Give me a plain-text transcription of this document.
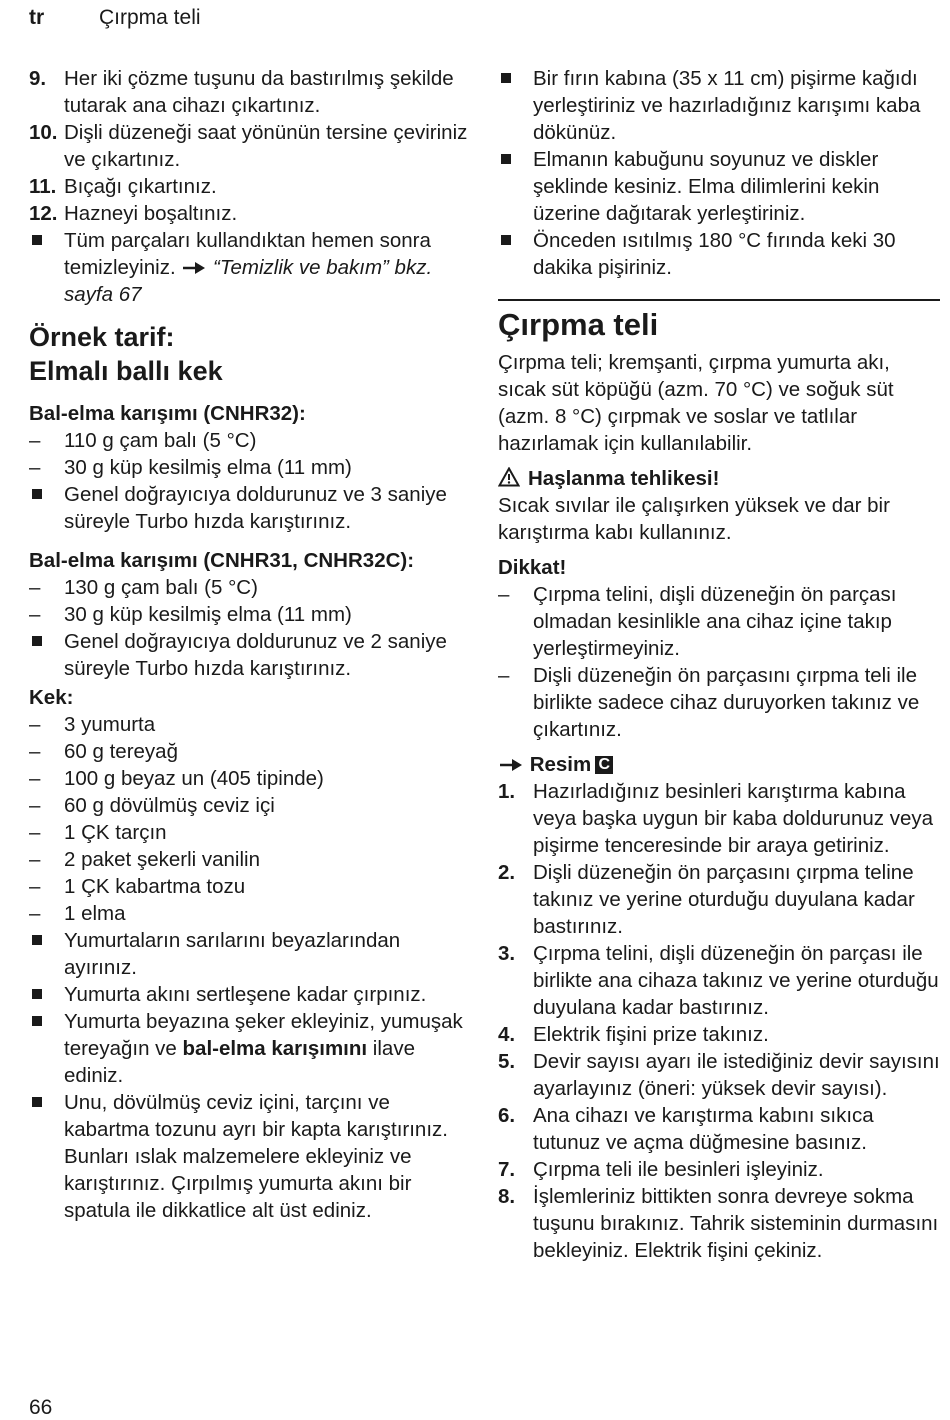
tr	Çırpma teli
9. Her iki çözme tuşunu da bastırılmış şekilde tutarak ana cihazı çıkartınız.
10. Dişli düzeneği saat yönünün tersine çeviriniz ve çıkartınız.
11. Bıçağı çıkartınız.
12. Hazneyi boşaltınız.
Tüm parçaları kullandıktan hemen sonra temizleyiniz. “Temizlik ve bakım” bkz. sayfa 67
Örnek tarif:
Elmalı ballı kek
Bal-elma karışımı (CNHR32):
–	110 g çam balı (5 °C)
–	30 g küp kesilmiş elma (11 mm)
Genel doğrayıcıya doldurunuz ve 3 saniye süreyle Turbo hızda karıştırınız.
Bal-elma karışımı (CNHR31, CNHR32C):
–	130 g çam balı (5 °C)
–	30 g küp kesilmiş elma (11 mm)
Genel doğrayıcıya doldurunuz ve 2 saniye süreyle Turbo hızda karıştırınız.
Kek:
–	3 yumurta
–	60 g tereyağ
–	100 g beyaz un (405 tipinde)
–	60 g dövülmüş ceviz içi
–	1 ÇK tarçın
–	2 paket şekerli vanilin
–	1 ÇK kabartma tozu
–	1 elma
Yumurtaların sarılarını beyazlarından ayırınız.
Yumurta akını sertleşene kadar çırpınız.
Yumurta beyazına şeker ekleyiniz, yumuşak tereyağın ve bal-elma karışımını ilave ediniz.
Unu, dövülmüş ceviz içini, tarçını ve kabartma tozunu ayrı bir kapta karıştırınız. Bunları ıslak malzemelere ekleyiniz ve karıştırınız. Çırpılmış yumurta akını bir spatula ile dikkatlice alt üst ediniz.
Bir fırın kabına (35 x 11 cm) pişirme kağıdı yerleştiriniz ve hazırladığınız karışımı kaba dökünüz.
Elmanın kabuğunu soyunuz ve diskler şeklinde kesiniz. Elma dilimlerini kekin üzerine dağıtarak yerleştiriniz.
Önceden ısıtılmış 180 °C fırında keki 30 dakika pişiriniz.
Çırpma teli
Çırpma teli; kremşanti, çırpma yumurta akı, sıcak süt köpüğü (azm. 70 °C) ve soğuk süt (azm. 8 °C) çırpmak ve soslar ve tatlılar hazırlamak için kullanılabilir.
Haşlanma tehlikesi!
Sıcak sıvılar ile çalışırken yüksek ve dar bir karıştırma kabı kullanınız.
Dikkat!
–	Çırpma telini, dişli düzeneğin ön parçası olmadan kesinlikle ana cihaz içine takıp yerleştirmeyiniz.
–	Dişli düzeneğin ön parçasını çırpma teli ile birlikte sadece cihaz duruyorken takınız ve çıkartınız.
Resim C
1. Hazırladığınız besinleri karıştırma kabına veya başka uygun bir kaba doldurunuz veya pişirme tenceresinde bir araya getiriniz.
2. Dişli düzeneğin ön parçasını çırpma teline takınız ve yerine oturduğu duyulana kadar bastırınız.
3. Çırpma telini, dişli düzeneğin ön parçası ile birlikte ana cihaza takınız ve yerine oturduğu duyulana kadar bastırınız.
4. Elektrik fişini prize takınız.
5. Devir sayısı ayarı ile istediğiniz devir sayısını ayarlayınız (öneri: yüksek devir sayısı).
6. Ana cihazı ve karıştırma kabını sıkıca tutunuz ve açma düğmesine basınız.
7. Çırpma teli ile besinleri işleyiniz.
8. İşlemleriniz bittikten sonra devreye sokma tuşunu bırakınız. Tahrik sisteminin durmasını bekleyiniz. Elektrik fişini çekiniz.
66
